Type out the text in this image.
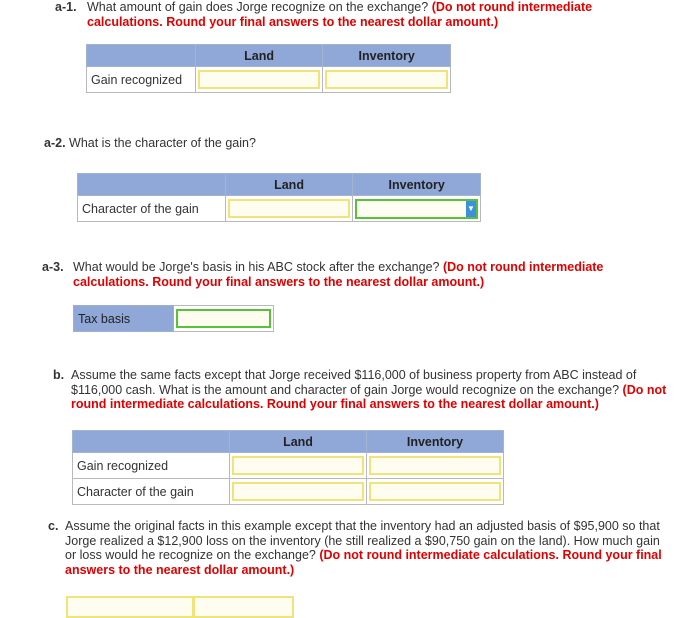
a-1. What amount of gain does Jorge recognize on the exchange? (Do not round intermediate calculations. Round your final answers to the nearest dollar amount.)
	Land	Inventory
Gain recognized	

a-2. What is the character of the gain?
	Land	Inventory
Character of the gain		▼
a-3. What would be Jorge's basis in his ABC stock after the exchange? (Do not round intermediate calculations. Round your final answers to the nearest dollar amount.)
Tax basis	
b. Assume the same facts except that Jorge received $116,000 of business property from ABC instead of $116,000 cash. What is the amount and character of gain Jorge would recognize on the exchange? (Do not round intermediate calculations. Round your final answers to the nearest dollar amount.)
	Land	Inventory
Gain recognized	

Character of the gain	

c. Assume the original facts in this example except that the inventory had an adjusted basis of $95,900 so that Jorge realized a $12,900 loss on the inventory (he still realized a $90,750 gain on the land). How much gain or loss would he recognize on the exchange? (Do not round intermediate calculations. Round your final answers to the nearest dollar amount.)
